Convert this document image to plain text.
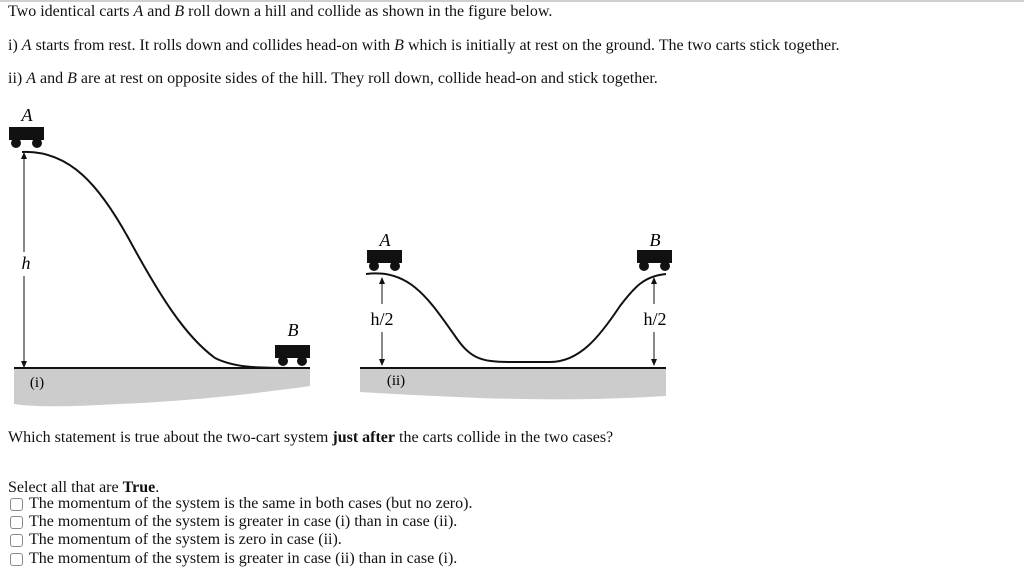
Two identical carts A and B roll down a hill and collide as shown in the figure below.
i) A starts from rest. It rolls down and collides head-on with B which is initially at rest on the ground. The two carts stick together.
ii) A and B are at rest on opposite sides of the hill. They roll down, collide head-on and stick together.
h
A
B
(i)
h/2
A
h/2
B
(ii)
Which statement is true about the two-cart system just after the carts collide in the two cases?
Select all that are True.
The momentum of the system is the same in both cases (but no zero).
The momentum of the system is greater in case (i) than in case (ii).
The momentum of the system is zero in case (ii).
The momentum of the system is greater in case (ii) than in case (i).
